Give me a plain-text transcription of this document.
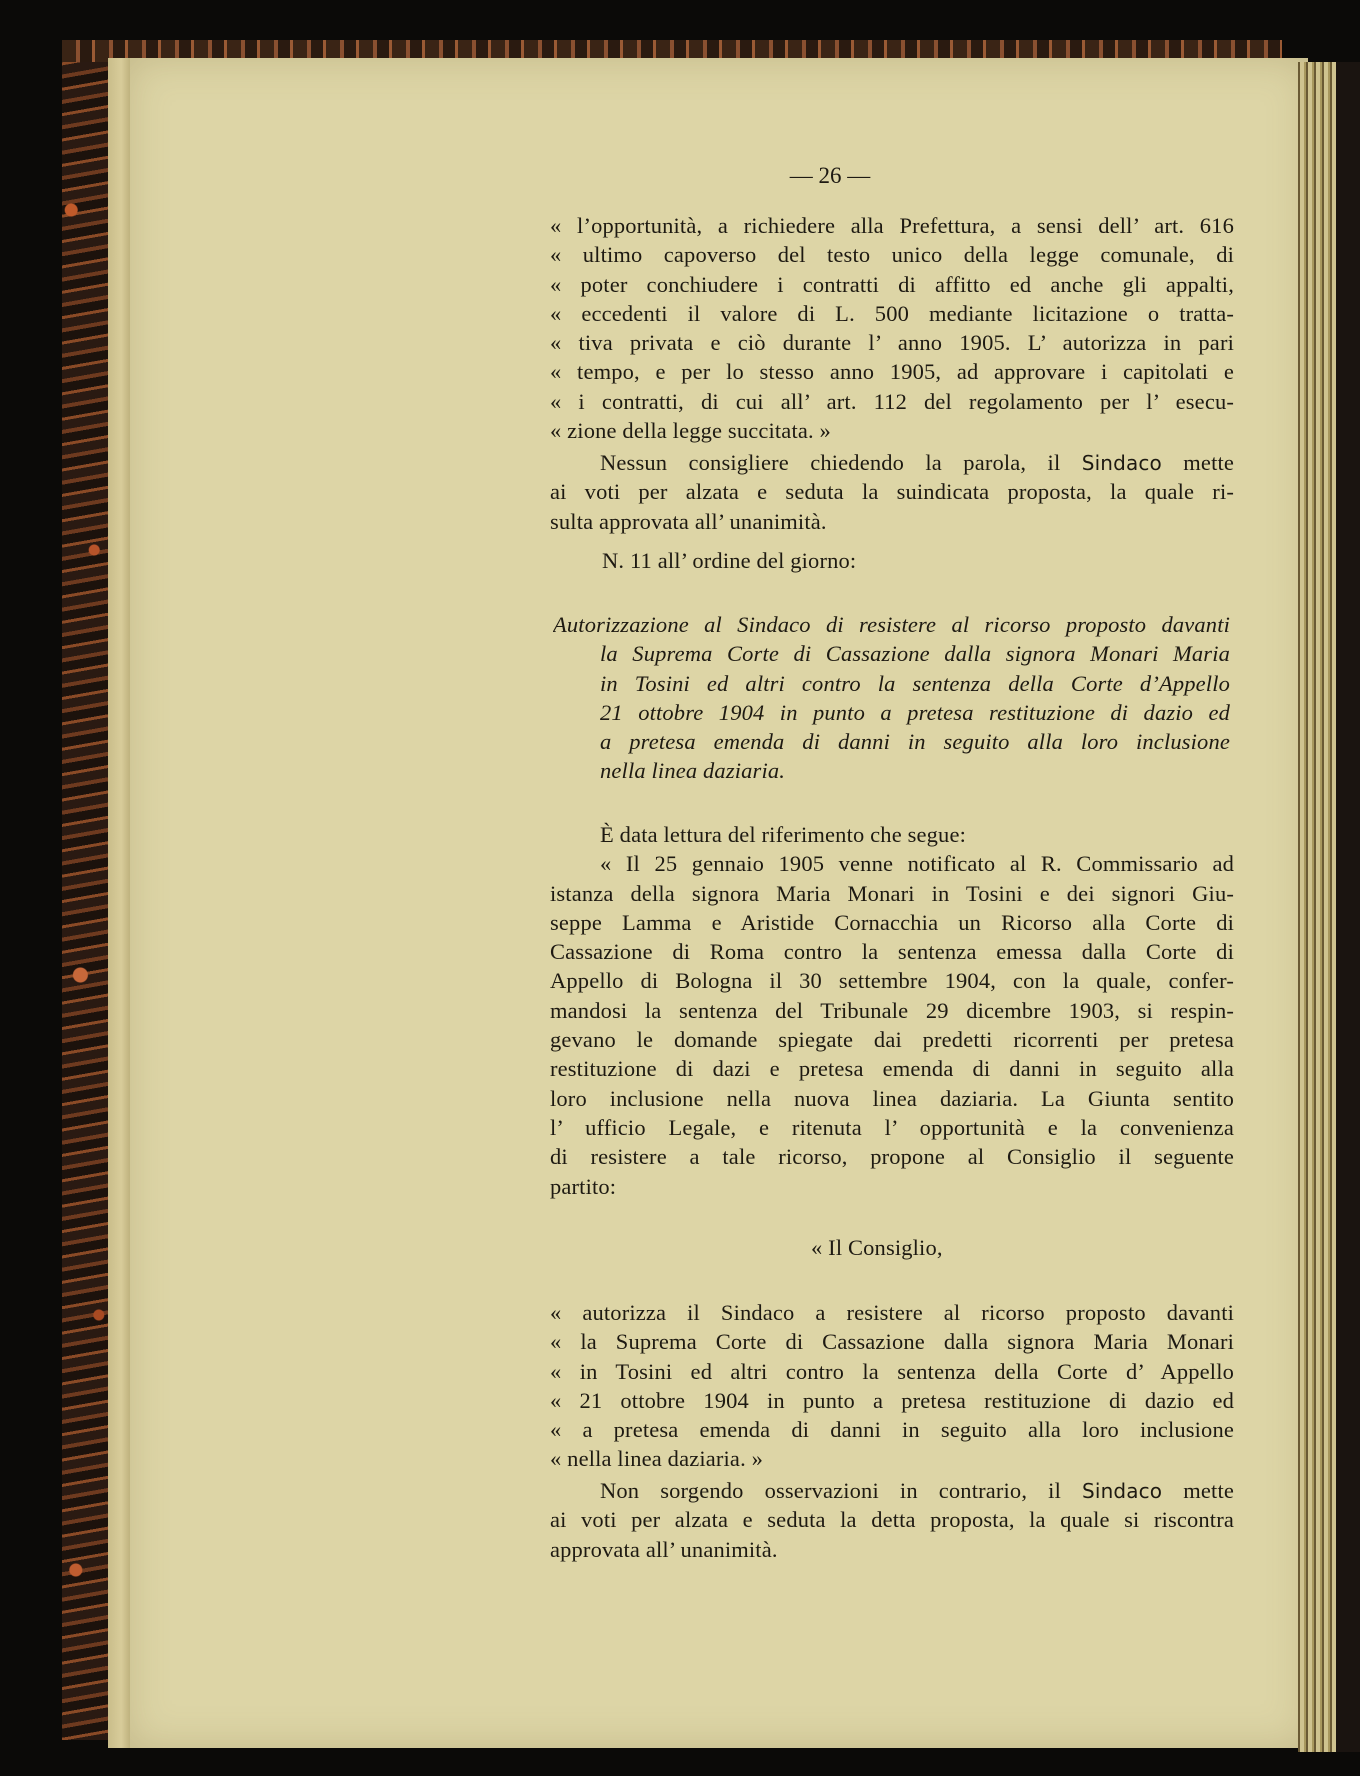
— 26 —
« l’opportunità, a richiedere alla Prefettura, a sensi dell’ art. 616
« ultimo capoverso del testo unico della legge comunale, di
« poter conchiudere i contratti di affitto ed anche gli appalti,
« eccedenti il valore di L. 500 mediante licitazione o tratta-
« tiva privata e ciò durante l’ anno 1905. L’ autorizza in pari
« tempo, e per lo stesso anno 1905, ad approvare i capitolati e
« i contratti, di cui all’ art. 112 del regolamento per l’ esecu-
« zione della legge succitata. »
Nessun consigliere chiedendo la parola, il Sindaco mette
ai voti per alzata e seduta la suindicata proposta, la quale ri-
sulta approvata all’ unanimità.
N. 11 all’ ordine del giorno:
Autorizzazione al Sindaco di resistere al ricorso proposto davanti
la Suprema Corte di Cassazione dalla signora Monari Maria
in Tosini ed altri contro la sentenza della Corte d’Appello
21 ottobre 1904 in punto a pretesa restituzione di dazio ed
a pretesa emenda di danni in seguito alla loro inclusione
nella linea daziaria.
È data lettura del riferimento che segue:
« Il 25 gennaio 1905 venne notificato al R. Commissario ad
istanza della signora Maria Monari in Tosini e dei signori Giu-
seppe Lamma e Aristide Cornacchia un Ricorso alla Corte di
Cassazione di Roma contro la sentenza emessa dalla Corte di
Appello di Bologna il 30 settembre 1904, con la quale, confer-
mandosi la sentenza del Tribunale 29 dicembre 1903, si respin-
gevano le domande spiegate dai predetti ricorrenti per pretesa
restituzione di dazi e pretesa emenda di danni in seguito alla
loro inclusione nella nuova linea daziaria. La Giunta sentito
l’ ufficio Legale, e ritenuta l’ opportunità e la convenienza
di resistere a tale ricorso, propone al Consiglio il seguente
partito:
« Il Consiglio,
« autorizza il Sindaco a resistere al ricorso proposto davanti
« la Suprema Corte di Cassazione dalla signora Maria Monari
« in Tosini ed altri contro la sentenza della Corte d’ Appello
« 21 ottobre 1904 in punto a pretesa restituzione di dazio ed
« a pretesa emenda di danni in seguito alla loro inclusione
« nella linea daziaria. »
Non sorgendo osservazioni in contrario, il Sindaco mette
ai voti per alzata e seduta la detta proposta, la quale si riscontra
approvata all’ unanimità.
